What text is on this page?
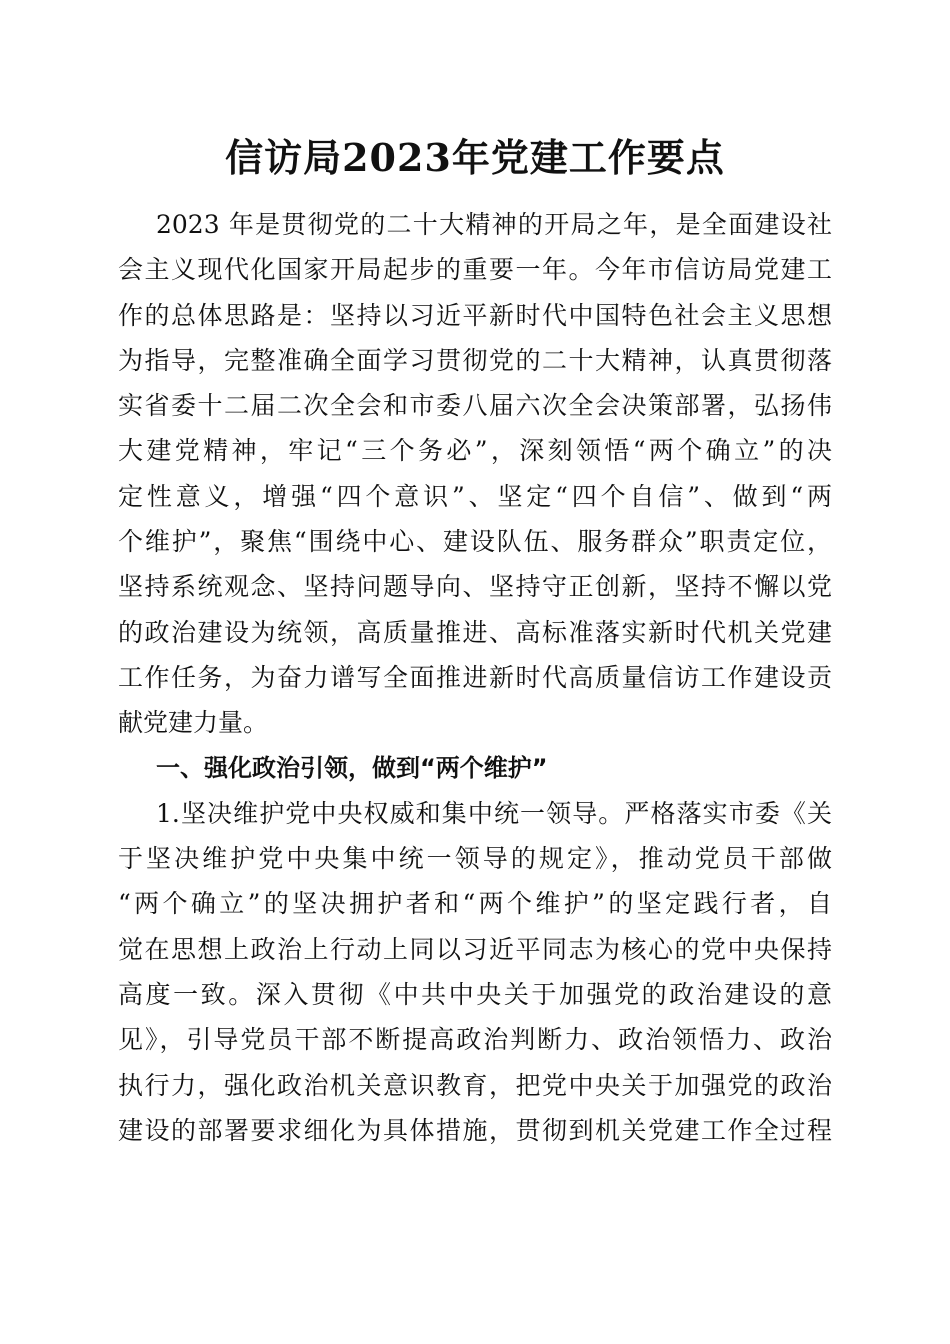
信访局2023年党建工作要点
2023 年是贯彻党的二十大精神的开局之年，是全面建设社
会主义现代化国家开局起步的重要一年。今年市信访局党建工
作的总体思路是：坚持以习近平新时代中国特色社会主义思想
为指导，完整准确全面学习贯彻党的二十大精神，认真贯彻落
实省委十二届二次全会和市委八届六次全会决策部署，弘扬伟
大建党精神，牢记“三个务必”，深刻领悟“两个确立”的决
定性意义，增强“四个意识”、坚定“四个自信”、做到“两
个维护”，聚焦“围绕中心、建设队伍、服务群众”职责定位，
坚持系统观念、坚持问题导向、坚持守正创新，坚持不懈以党
的政治建设为统领，高质量推进、高标准落实新时代机关党建
工作任务，为奋力谱写全面推进新时代高质量信访工作建设贡
献党建力量。
一、强化政治引领，做到“两个维护”
1.坚决维护党中央权威和集中统一领导。严格落实市委《关
于坚决维护党中央集中统一领导的规定》，推动党员干部做
“两个确立”的坚决拥护者和“两个维护”的坚定践行者，自
觉在思想上政治上行动上同以习近平同志为核心的党中央保持
高度一致。深入贯彻《中共中央关于加强党的政治建设的意
见》，引导党员干部不断提高政治判断力、政治领悟力、政治
执行力，强化政治机关意识教育，把党中央关于加强党的政治
建设的部署要求细化为具体措施，贯彻到机关党建工作全过程
